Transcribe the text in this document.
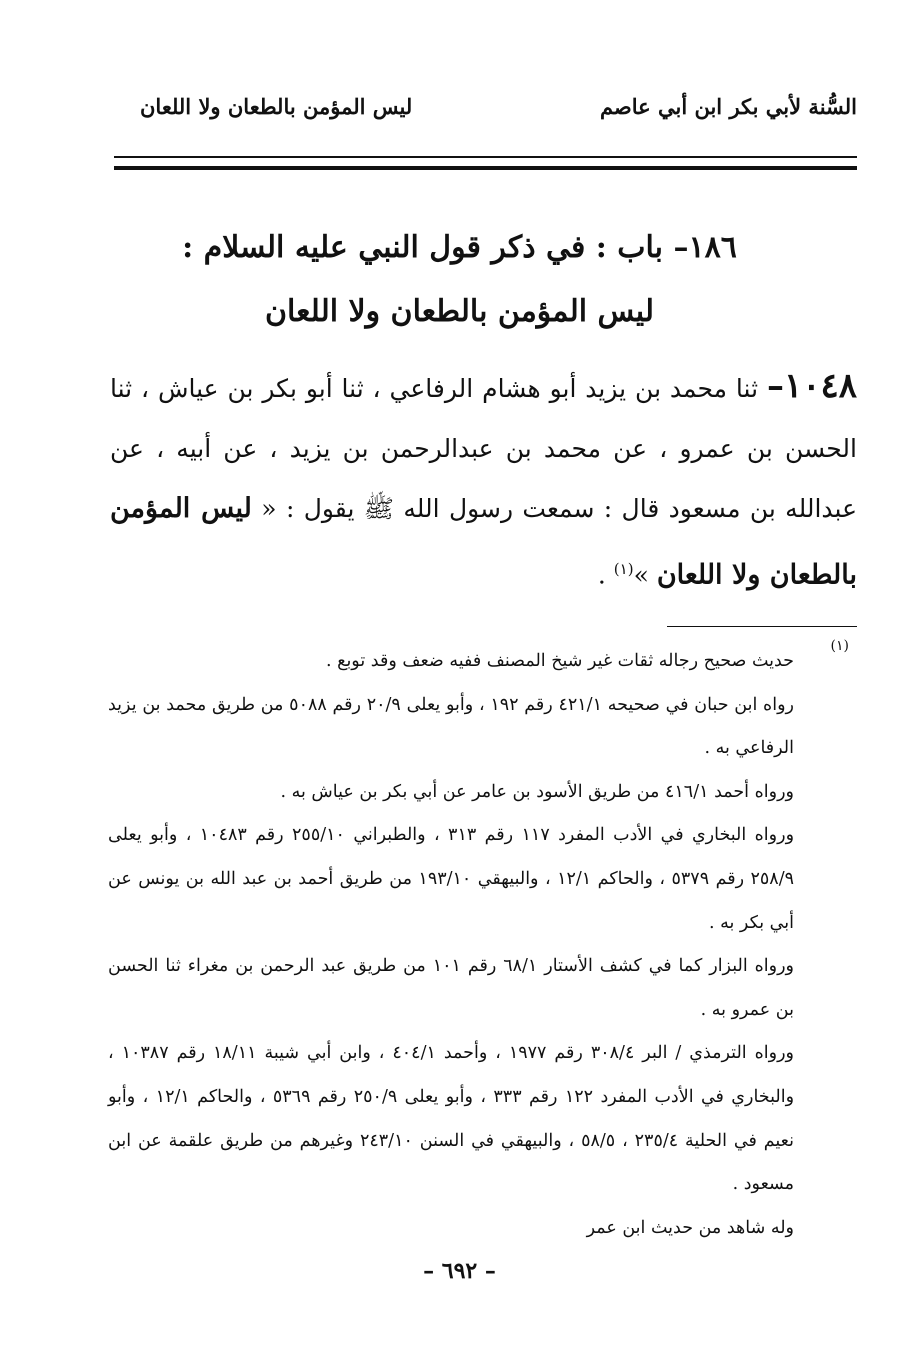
السُّنة لأبي بكر ابن أبي عاصم
ليس المؤمن بالطعان ولا اللعان
١٨٦– باب : في ذكر قول النبي عليه السلام :
ليس المؤمن بالطعان ولا اللعان
١٠٤٨– ثنا محمد بن يزيد أبو هشام الرفاعي ، ثنا أبو بكر بن عياش ، ثنا الحسن بن عمرو ، عن محمد بن عبدالرحمن بن يزيد ، عن أبيه ، عن عبدالله بن مسعود قال : سمعت رسول الله ﷺ يقول : « ليس المؤمن بالطعان ولا اللعان »$^{(١)}$ .
(١)
حديث صحيح رجاله ثقات غير شيخ المصنف ففيه ضعف وقد توبع .
رواه ابن حبان في صحيحه ٤٢١/١ رقم ١٩٢ ، وأبو يعلى ٢٠/٩ رقم ٥٠٨٨ من طريق محمد بن يزيد الرفاعي به .
ورواه أحمد ٤١٦/١ من طريق الأسود بن عامر عن أبي بكر بن عياش به .
ورواه البخاري في الأدب المفرد ١١٧ رقم ٣١٣ ، والطبراني ٢٥٥/١٠ رقم ١٠٤٨٣ ، وأبو يعلى ٢٥٨/٩ رقم ٥٣٧٩ ، والحاكم ١٢/١ ، والبيهقي ١٩٣/١٠ من طريق أحمد بن عبد الله بن يونس عن أبي بكر به .
ورواه البزار كما في كشف الأستار ٦٨/١ رقم ١٠١ من طريق عبد الرحمن بن مغراء ثنا الحسن بن عمرو به .
ورواه الترمذي / البر ٣٠٨/٤ رقم ١٩٧٧ ، وأحمد ٤٠٤/١ ، وابن أبي شيبة ١٨/١١ رقم ١٠٣٨٧ ، والبخاري في الأدب المفرد ١٢٢ رقم ٣٣٣ ، وأبو يعلى ٢٥٠/٩ رقم ٥٣٦٩ ، والحاكم ١٢/١ ، وأبو نعيم في الحلية ٢٣٥/٤ ، ٥٨/٥ ، والبيهقي في السنن ٢٤٣/١٠ وغيرهم من طريق علقمة عن ابن مسعود .
وله شاهد من حديث ابن عمر
– ٦٩٢ –
